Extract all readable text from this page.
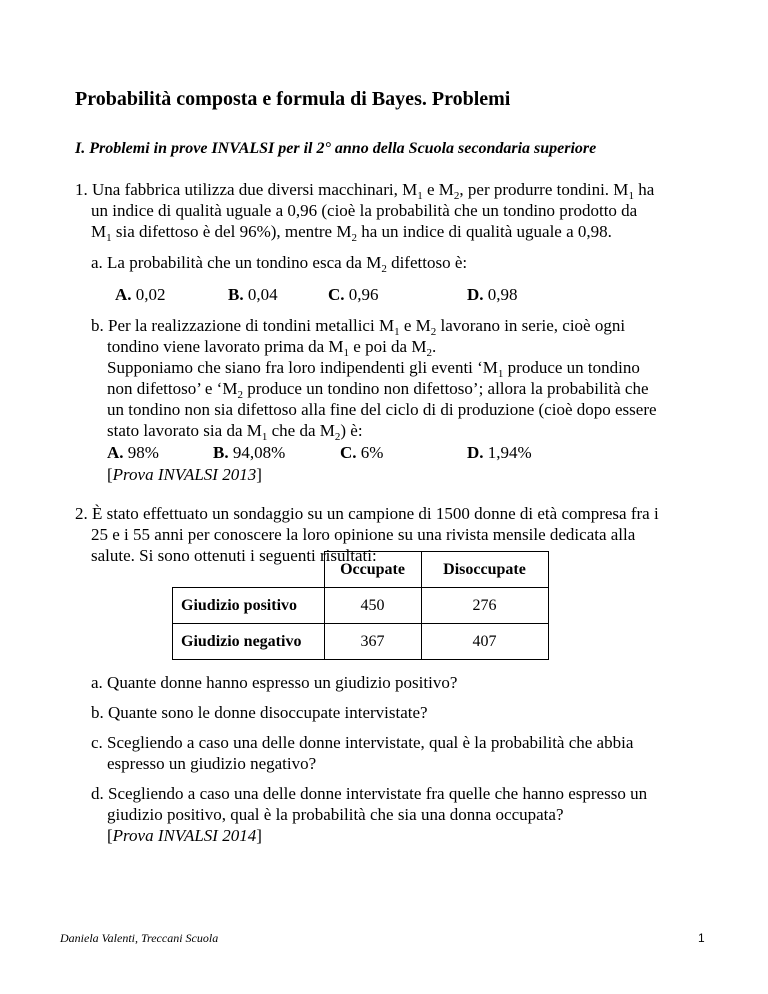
Probabilità composta e formula di Bayes. Problemi
I. Problemi in prove INVALSI per il 2° anno della Scuola secondaria superiore
1. Una fabbrica utilizza due diversi macchinari, $M_1$ e $M_2$, per produrre tondini. $M_1$ ha
un indice di qualità uguale a 0,96 (cioè la probabilità che un tondino prodotto da
$M_1$ sia difettoso è del 96%), mentre $M_2$ ha un indice di qualità uguale a 0,98.
a. La probabilità che un tondino esca da $M_2$ difettoso è:
A. 0,02	B. 0,04	C. 0,96	D. 0,98
b. Per la realizzazione di tondini metallici $M_1$ e $M_2$ lavorano in serie, cioè ogni
tondino viene lavorato prima da $M_1$ e poi da $M_2$.
Supponiamo che siano fra loro indipendenti gli eventi ‘$M_1$ produce un tondino
non difettoso’ e ‘$M_2$ produce un tondino non difettoso’; allora la probabilità che
un tondino non sia difettoso alla fine del ciclo di di produzione (cioè dopo essere
stato lavorato sia da $M_1$ che da $M_2$) è:
A. 98%	B. 94,08%	C. 6%	D. 1,94%
[Prova INVALSI 2013]
2. È stato effettuato un sondaggio su un campione di 1500 donne di età compresa fra i
25 e i 55 anni per conoscere la loro opinione su una rivista mensile dedicata alla
salute. Si sono ottenuti i seguenti risultati:
	Occupate	Disoccupate
Giudizio positivo	450	276
Giudizio negativo	367	407
a. Quante donne hanno espresso un giudizio positivo?
b. Quante sono le donne disoccupate intervistate?
c. Scegliendo a caso una delle donne intervistate, qual è la probabilità che abbia
espresso un giudizio negativo?
d. Scegliendo a caso una delle donne intervistate fra quelle che hanno espresso un
giudizio positivo, qual è la probabilità che sia una donna occupata?
[Prova INVALSI 2014]
Daniela Valenti, Treccani Scuola	1
